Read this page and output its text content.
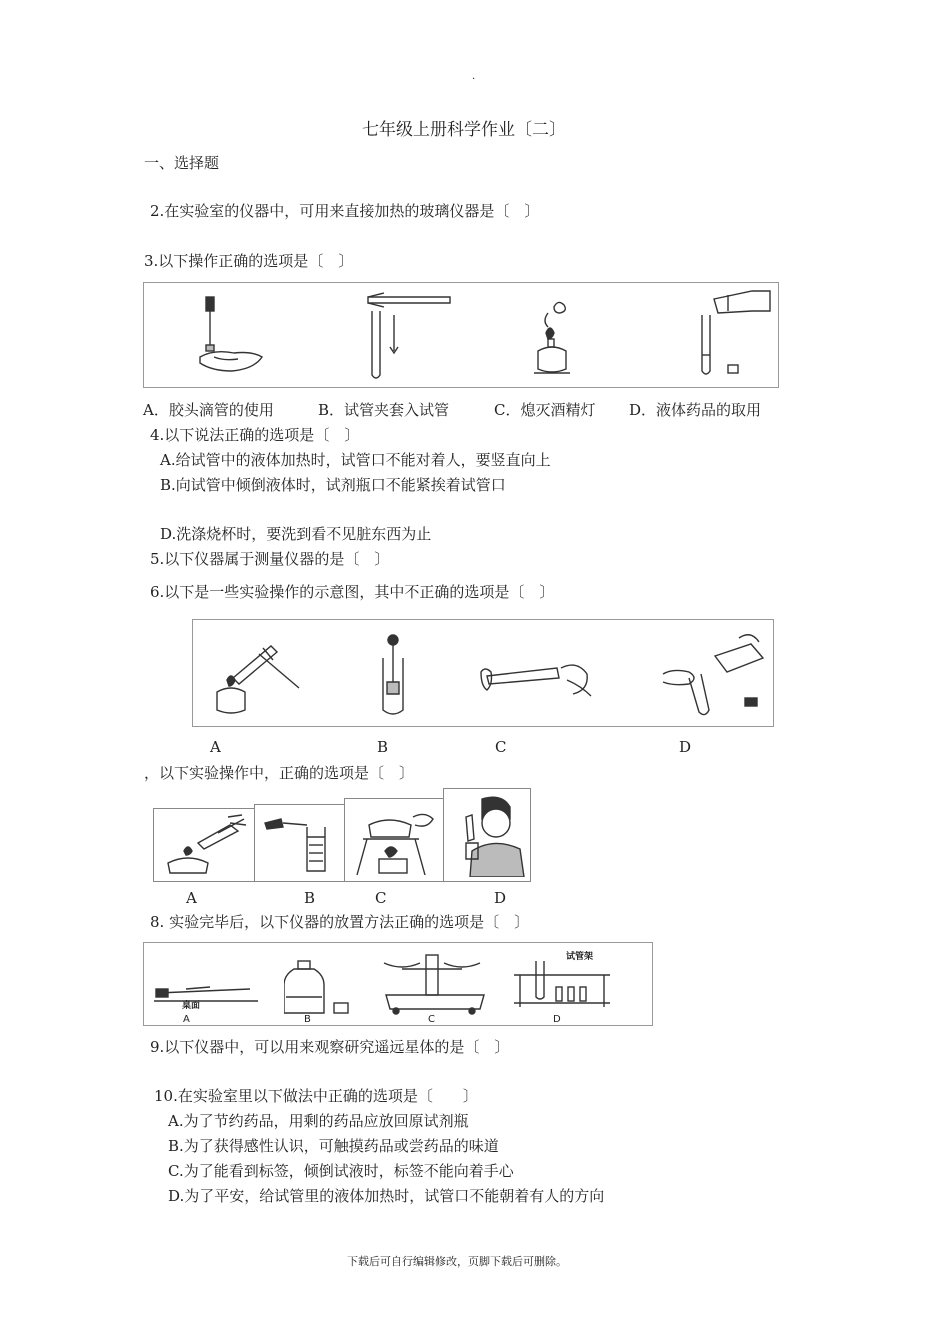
·
七年级上册科学作业〔二〕
一、选择题
2.在实验室的仪器中，可用来直接加热的玻璃仪器是〔　〕
3.以下操作正确的选项是〔　〕
A．胶头滴管的使用	B．试管夹套入试管	C．熄灭酒精灯 D．液体药品的取用
4.以下说法正确的选项是〔　〕
A.给试管中的液体加热时，试管口不能对着人，要竖直向上
B.向试管中倾倒液体时，试剂瓶口不能紧挨着试管口
D.洗涤烧杯时，要洗到看不见脏东西为止
5.以下仪器属于测量仪器的是〔　〕
6.以下是一些实验操作的示意图，其中不正确的选项是〔　〕
A	B	C	D
，以下实验操作中，正确的选项是〔　〕
A	B	C	D
8. 实验完毕后，以下仪器的放置方法正确的选项是〔　〕
桌面
试管架
A	B	C	D
9.以下仪器中，可以用来观察研究遥远星体的是〔　〕
10.在实验室里以下做法中正确的选项是〔　　〕
A.为了节约药品，用剩的药品应放回原试剂瓶
B.为了获得感性认识，可触摸药品或尝药品的味道
C.为了能看到标签，倾倒试液时，标签不能向着手心
D.为了平安，给试管里的液体加热时，试管口不能朝着有人的方向
下载后可自行编辑修改，页脚下载后可删除。
